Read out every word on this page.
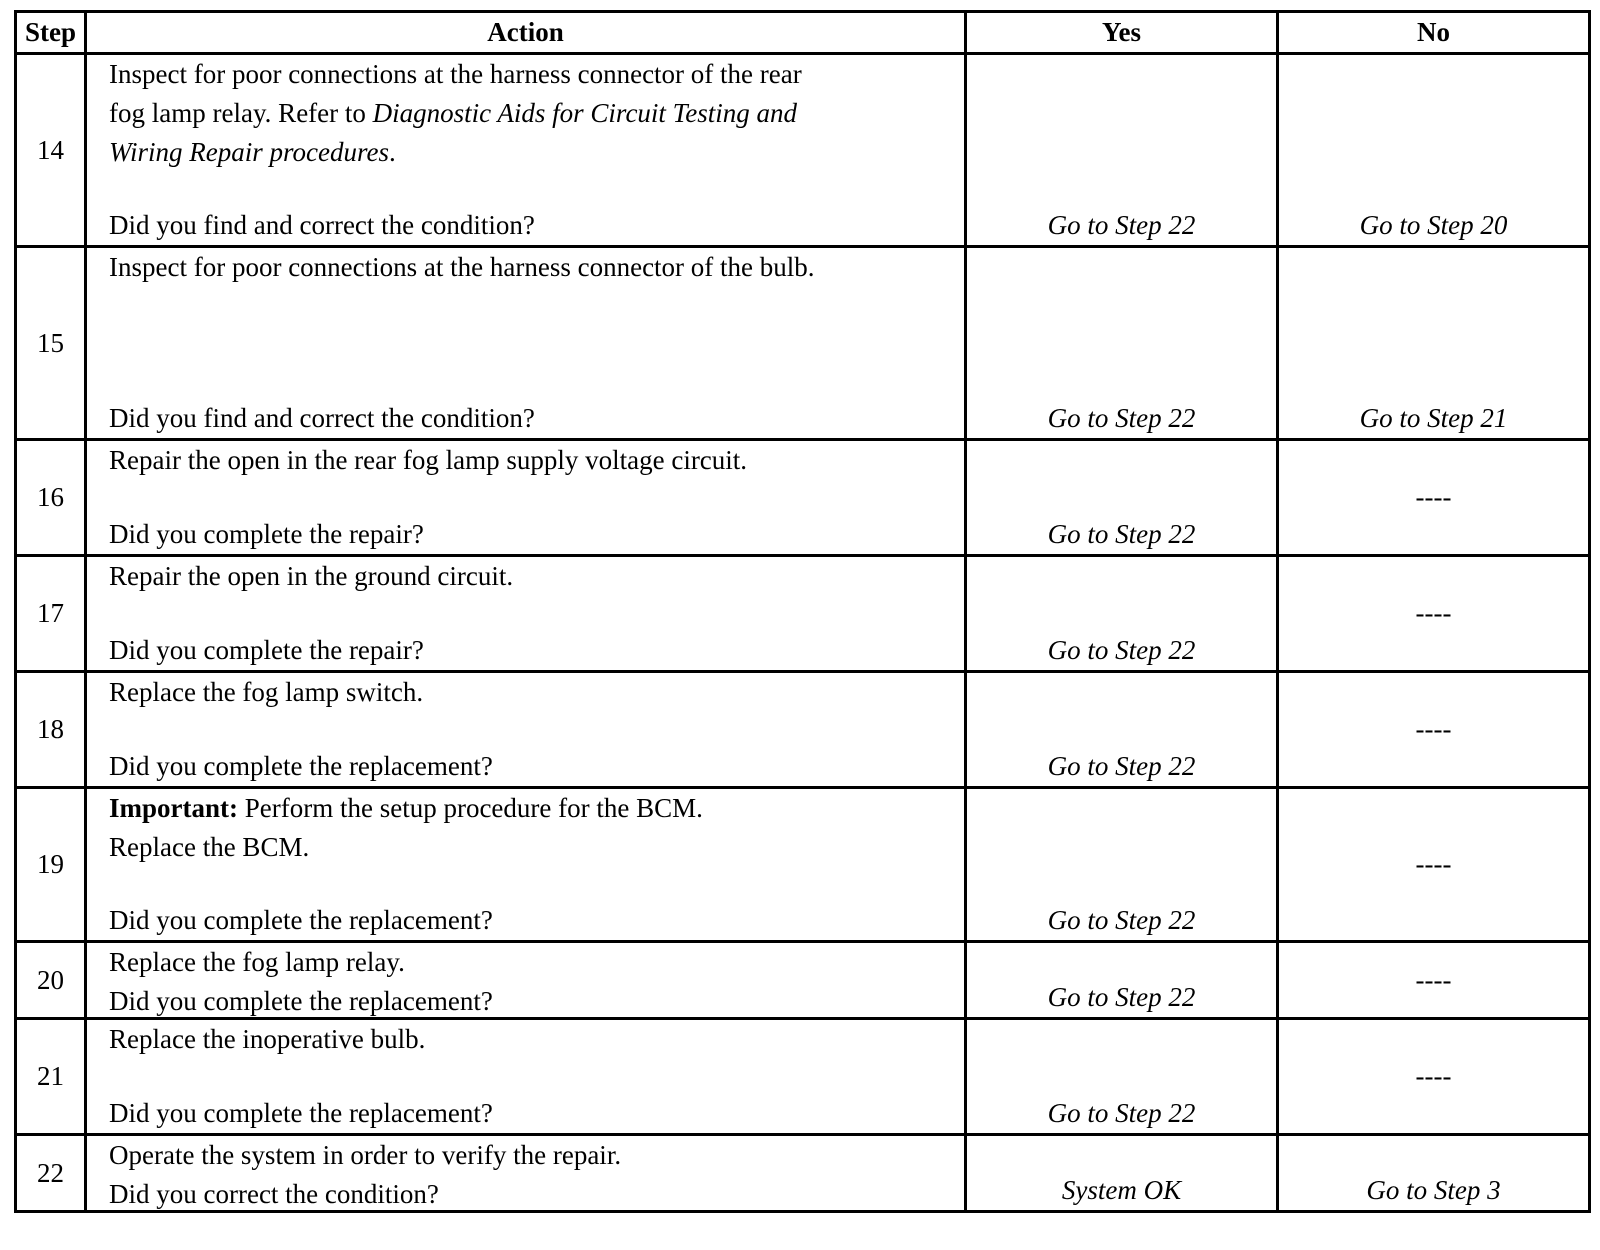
Step	Action	Yes	No
14	Inspect for poor connections at the harness connector of the rear

fog lamp relay. Refer to Diagnostic Aids for Circuit Testing and

Wiring Repair procedures.

Did you find and correct the condition?	Go to Step 22	Go to Step 20
15	Inspect for poor connections at the harness connector of the bulb.

Did you find and correct the condition?	Go to Step 22	Go to Step 21
16	Repair the open in the rear fog lamp supply voltage circuit.

Did you complete the repair?	Go to Step 22	----
17	Repair the open in the ground circuit.

Did you complete the repair?	Go to Step 22	----
18	Replace the fog lamp switch.

Did you complete the replacement?	Go to Step 22	----
19	Important: Perform the setup procedure for the BCM.

Replace the BCM.

Did you complete the replacement?	Go to Step 22	----
20	Replace the fog lamp relay.

Did you complete the replacement?	Go to Step 22	----
21	Replace the inoperative bulb.

Did you complete the replacement?	Go to Step 22	----
22	Operate the system in order to verify the repair.

Did you correct the condition?	System OK	Go to Step 3
